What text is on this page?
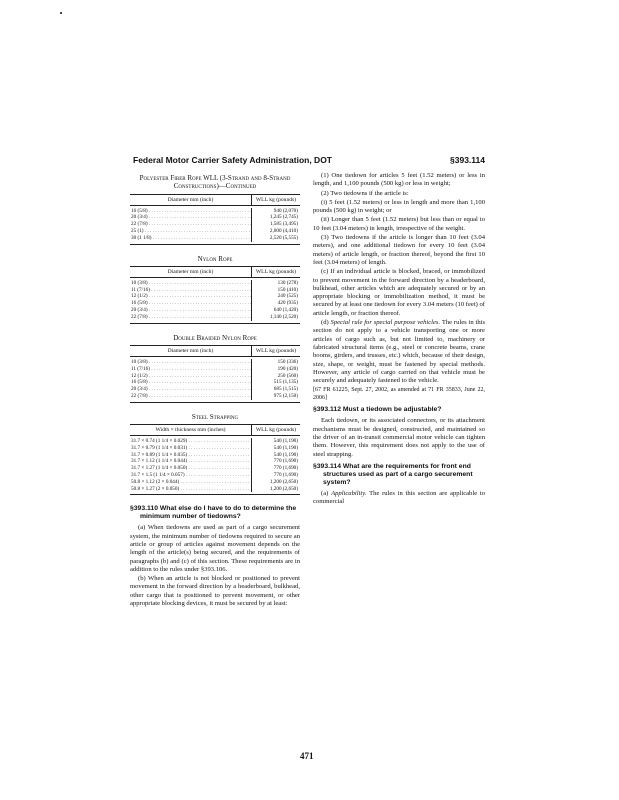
Federal Motor Carrier Safety Administration, DOT	§393.114
Polyester Fiber Rope WLL (3-Strand and 8-Strand Constructions)—Continued
Diameter mm (inch)	WLL kg (pounds)
16 (5/8) . . .	940 (2,070)
20 (3/4) . . .	1,245 (2,745)
22 (7/8) . . .	1,585 (3,495)
25 (1) . . .	2,000 (4,410)
30 (1 1/8) . . .	2,520 (5,555)
Nylon Rope
Diameter mm (inch)	WLL kg (pounds)
10 (3/8) . . .	130 (278)
11 (7/16) . . .	150 (410)
12 (1/2) . . .	240 (525)
16 (5/8) . . .	420 (935)
20 (3/4) . . .	640 (1,420)
22 (7/8) . . .	1,140 (2,520)
Double Braided Nylon Rope
Diameter mm (inch)	WLL kg (pounds)
10 (3/8) . . .	150 (336)
11 (7/16) . . .	190 (420)
12 (1/2) . . .	250 (560)
16 (5/8) . . .	515 (1,135)
20 (3/4) . . .	685 (1,515)
22 (7/8) . . .	975 (2,150)
Steel Strapping
Width × thickness mm (inches)	WLL kg (pounds)
31.7 × 0.74 (1 1/4 × 0.029) . . .	540 (1,190)
31.7 × 0.79 (1 1/4 × 0.031) . . .	540 (1,190)
31.7 × 0.89 (1 1/4 × 0.035) . . .	540 (1,190)
31.7 × 1.12 (1 1/4 × 0.044) . . .	770 (1,690)
31.7 × 1.27 (1 1/4 × 0.050) . . .	770 (1,690)
31.7 × 1.5 (1 1/4 × 0.057) . . .	770 (1,690)
50.8 × 1.12 (2 × 0.044) . . .	1,200 (2,650)
50.8 × 1.27 (2 × 0.050) . . .	1,200 (2,650)
§393.110 What else do I have to do to determine the minimum number of tiedowns?

(a) When tiedowns are used as part of a cargo securement system, the minimum number of tiedowns required to secure an article or group of articles against movement depends on the length of the article(s) being secured, and the requirements of paragraphs (b) and (c) of this section. These requirements are in addition to the rules under §393.106.

(b) When an article is not blocked or positioned to prevent movement in the forward direction by a headerboard, bulkhead, other cargo that is positioned to prevent movement, or other appropriate blocking devices, it must be secured by at least:

(1) One tiedown for articles 5 feet (1.52 meters) or less in length, and 1,100 pounds (500 kg) or less in weight;

(2) Two tiedowns if the article is:

(i) 5 feet (1.52 meters) or less in length and more than 1,100 pounds (500 kg) in weight; or

(ii) Longer than 5 feet (1.52 meters) but less than or equal to 10 feet (3.04 meters) in length, irrespective of the weight.

(3) Two tiedowns if the article is longer than 10 feet (3.04 meters), and one additional tiedown for every 10 feet (3.04 meters) of article length, or fraction thereof, beyond the first 10 feet (3.04 meters) of length.

(c) If an individual article is blocked, braced, or immobilized to prevent movement in the forward direction by a headerboard, bulkhead, other articles which are adequately secured or by an appropriate blocking or immobilization method, it must be secured by at least one tiedown for every 3.04 meters (10 feet) of article length, or fraction thereof.

(d) Special rule for special purpose vehicles. The rules in this section do not apply to a vehicle transporting one or more articles of cargo such as, but not limited to, machinery or fabricated structural items (e.g., steel or concrete beams, crane booms, girders, and trusses, etc.) which, because of their design, size, shape, or weight, must be fastened by special methods. However, any article of cargo carried on that vehicle must be securely and adequately fastened to the vehicle.

[67 FR 61225, Sept. 27, 2002, as amended at 71 FR 35833, June 22, 2006]

§393.112 Must a tiedown be adjustable?

Each tiedown, or its associated connectors, or its attachment mechanisms must be designed, constructed, and maintained so the driver of an in-transit commercial motor vehicle can tighten them. However, this requirement does not apply to the use of steel strapping.

§393.114 What are the requirements for front end structures used as part of a cargo securement system?

(a) Applicability. The rules in this section are applicable to commercial

471
